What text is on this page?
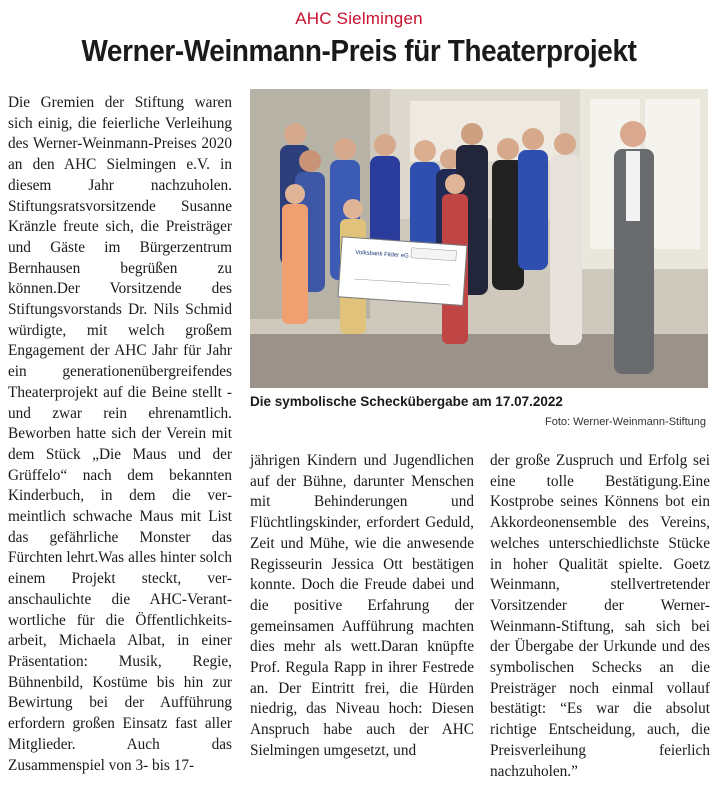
AHC Sielmingen
Werner-Weinmann-Preis für Theaterprojekt
Die Gremien der Stiftung waren sich einig, die feierliche Verleihung des Werner-Weinmann-Preises 2020 an den AHC Sielmingen e.V. in diesem Jahr nachzuholen. Stiftungsratsvorsitzende Susanne Kränzle freute sich, die Preisträger und Gäste im Bürgerzentrum Bernhausen begrüßen zu können.Der Vorsitzende des Stiftungsvorstands Dr. Nils Schmid würdigte, mit welch großem Engagement der AHC Jahr für Jahr ein generationenübergreifendes Theaterprojekt auf die Beine stellt - und zwar rein ehrenamtlich. Beworben hatte sich der Verein mit dem Stück „Die Maus und der Grüffelo“ nach dem bekannten Kinderbuch, in dem die vermeintlich schwache Maus mit List das gefährliche Monster das Fürchten lehrt.Was alles hinter solch einem Projekt steckt, veranschaulichte die AHC-Verantwortliche für die Öffentlichkeitsarbeit, Michaela Albat, in einer Präsentation: Musik, Regie, Bühnenbild, Kostüme bis hin zur Bewirtung bei der Aufführung erfordern großen Einsatz fast aller Mitglieder. Auch das Zusammenspiel von 3- bis 17-
Volksbank Filder eG
Die symbolische Scheckübergabe am 17.07.2022
Foto: Werner-Weinmann-Stiftung
jährigen Kindern und Jugendlichen auf der Bühne, darunter Menschen mit Behinderungen und Flüchtlingskinder, erfordert Geduld, Zeit und Mühe, wie die anwesende Regisseurin Jessica Ott bestätigen konnte. Doch die Freude dabei und die positive Erfahrung der gemeinsamen Aufführung machten dies mehr als wett.Daran knüpfte Prof. Regula Rapp in ihrer Festrede an. Der Eintritt frei, die Hürden niedrig, das Niveau hoch: Diesen Anspruch habe auch der AHC Sielmingen umgesetzt, und
der große Zuspruch und Erfolg sei eine tolle Bestätigung.Eine Kostprobe seines Könnens bot ein Akkordeonensemble des Vereins, welches unterschiedlichste Stücke in hoher Qualität spielte. Goetz Weinmann, stellvertretender Vorsitzender der Werner-Weinmann-Stiftung, sah sich bei der Übergabe der Urkunde und des symbolischen Schecks an die Preisträger noch einmal vollauf bestätigt: “Es war die absolut richtige Entscheidung, auch, die Preisverleihung feierlich nachzuholen.”
